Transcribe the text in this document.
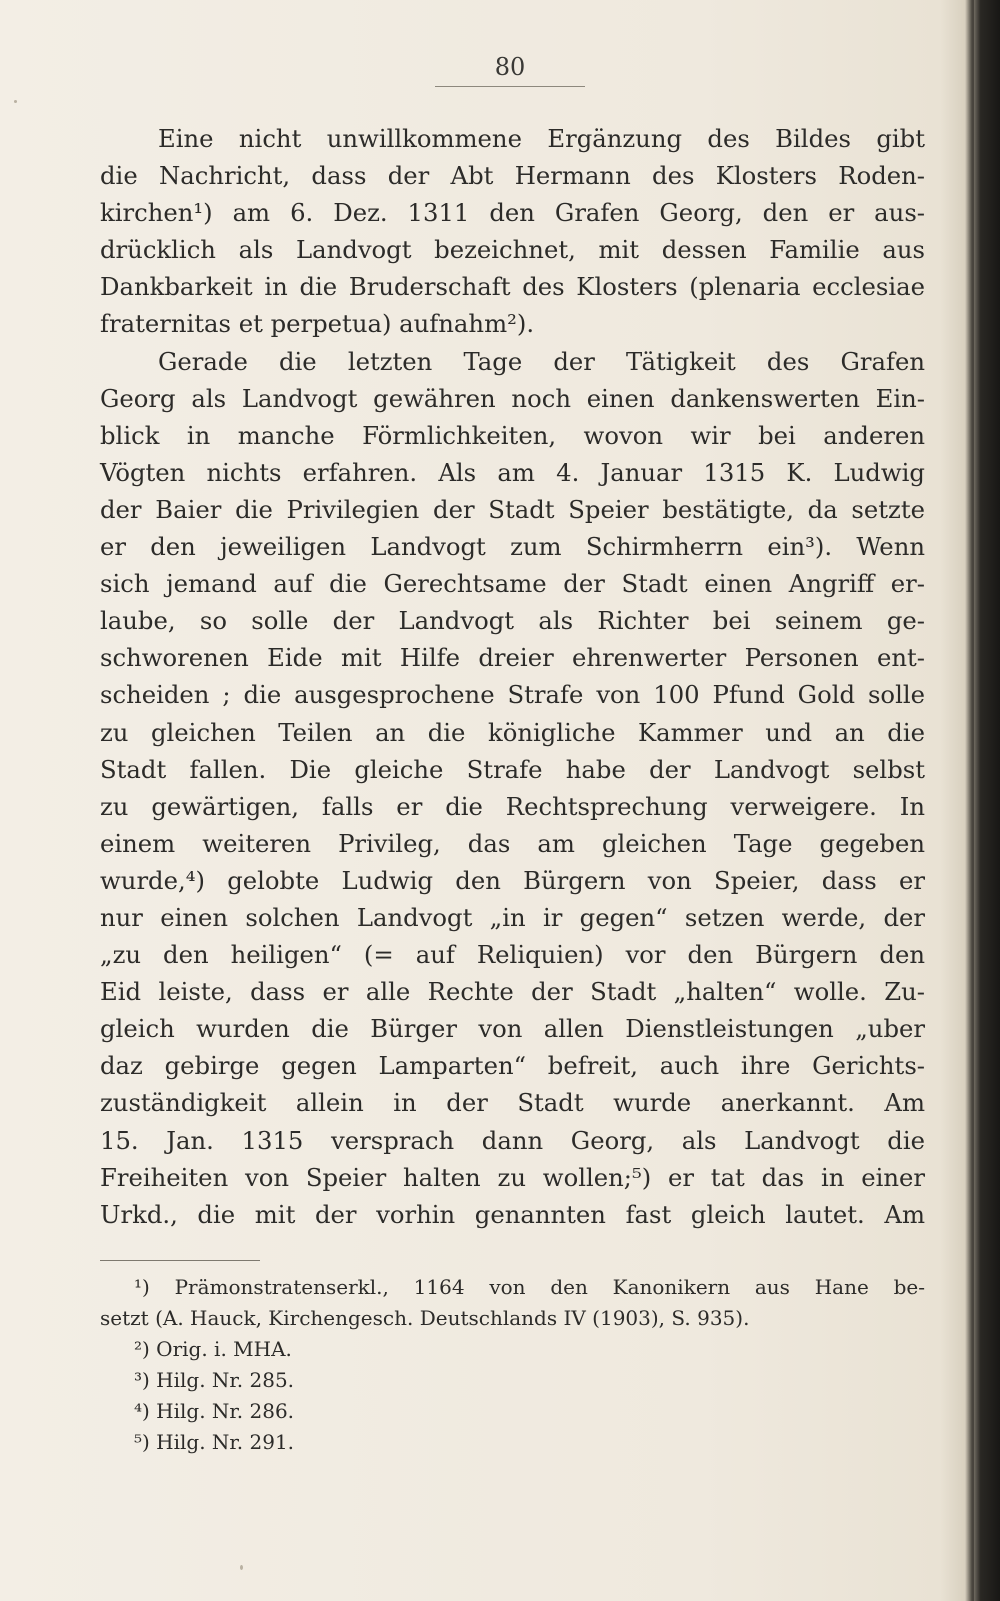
80
Eine nicht unwillkommene Ergänzung des Bildes gibt
die Nachricht, dass der Abt Hermann des Klosters Roden-
kirchen¹) am 6. Dez. 1311 den Grafen Georg, den er aus-
drücklich als Landvogt bezeichnet, mit dessen Familie aus
Dankbarkeit in die Bruderschaft des Klosters (plenaria ecclesiae
fraternitas et perpetua) aufnahm²).
Gerade die letzten Tage der Tätigkeit des Grafen
Georg als Landvogt gewähren noch einen dankenswerten Ein-
blick in manche Förmlichkeiten, wovon wir bei anderen
Vögten nichts erfahren. Als am 4. Januar 1315 K. Ludwig
der Baier die Privilegien der Stadt Speier bestätigte, da setzte
er den jeweiligen Landvogt zum Schirmherrn ein³). Wenn
sich jemand auf die Gerechtsame der Stadt einen Angriff er-
laube, so solle der Landvogt als Richter bei seinem ge-
schworenen Eide mit Hilfe dreier ehrenwerter Personen ent-
scheiden ; die ausgesprochene Strafe von 100 Pfund Gold solle
zu gleichen Teilen an die königliche Kammer und an die
Stadt fallen. Die gleiche Strafe habe der Landvogt selbst
zu gewärtigen, falls er die Rechtsprechung verweigere. In
einem weiteren Privileg, das am gleichen Tage gegeben
wurde,⁴) gelobte Ludwig den Bürgern von Speier, dass er
nur einen solchen Landvogt „in ir gegen“ setzen werde, der
„zu den heiligen“ (= auf Reliquien) vor den Bürgern den
Eid leiste, dass er alle Rechte der Stadt „halten“ wolle. Zu-
gleich wurden die Bürger von allen Dienstleistungen „uber
daz gebirge gegen Lamparten“ befreit, auch ihre Gerichts-
zuständigkeit allein in der Stadt wurde anerkannt. Am
15. Jan. 1315 versprach dann Georg, als Landvogt die
Freiheiten von Speier halten zu wollen;⁵) er tat das in einer
Urkd., die mit der vorhin genannten fast gleich lautet. Am
¹) Prämonstratenserkl., 1164 von den Kanonikern aus Hane be-
setzt (A. Hauck, Kirchengesch. Deutschlands IV (1903), S. 935).
²) Orig. i. MHA.
³) Hilg. Nr. 285.
⁴) Hilg. Nr. 286.
⁵) Hilg. Nr. 291.
